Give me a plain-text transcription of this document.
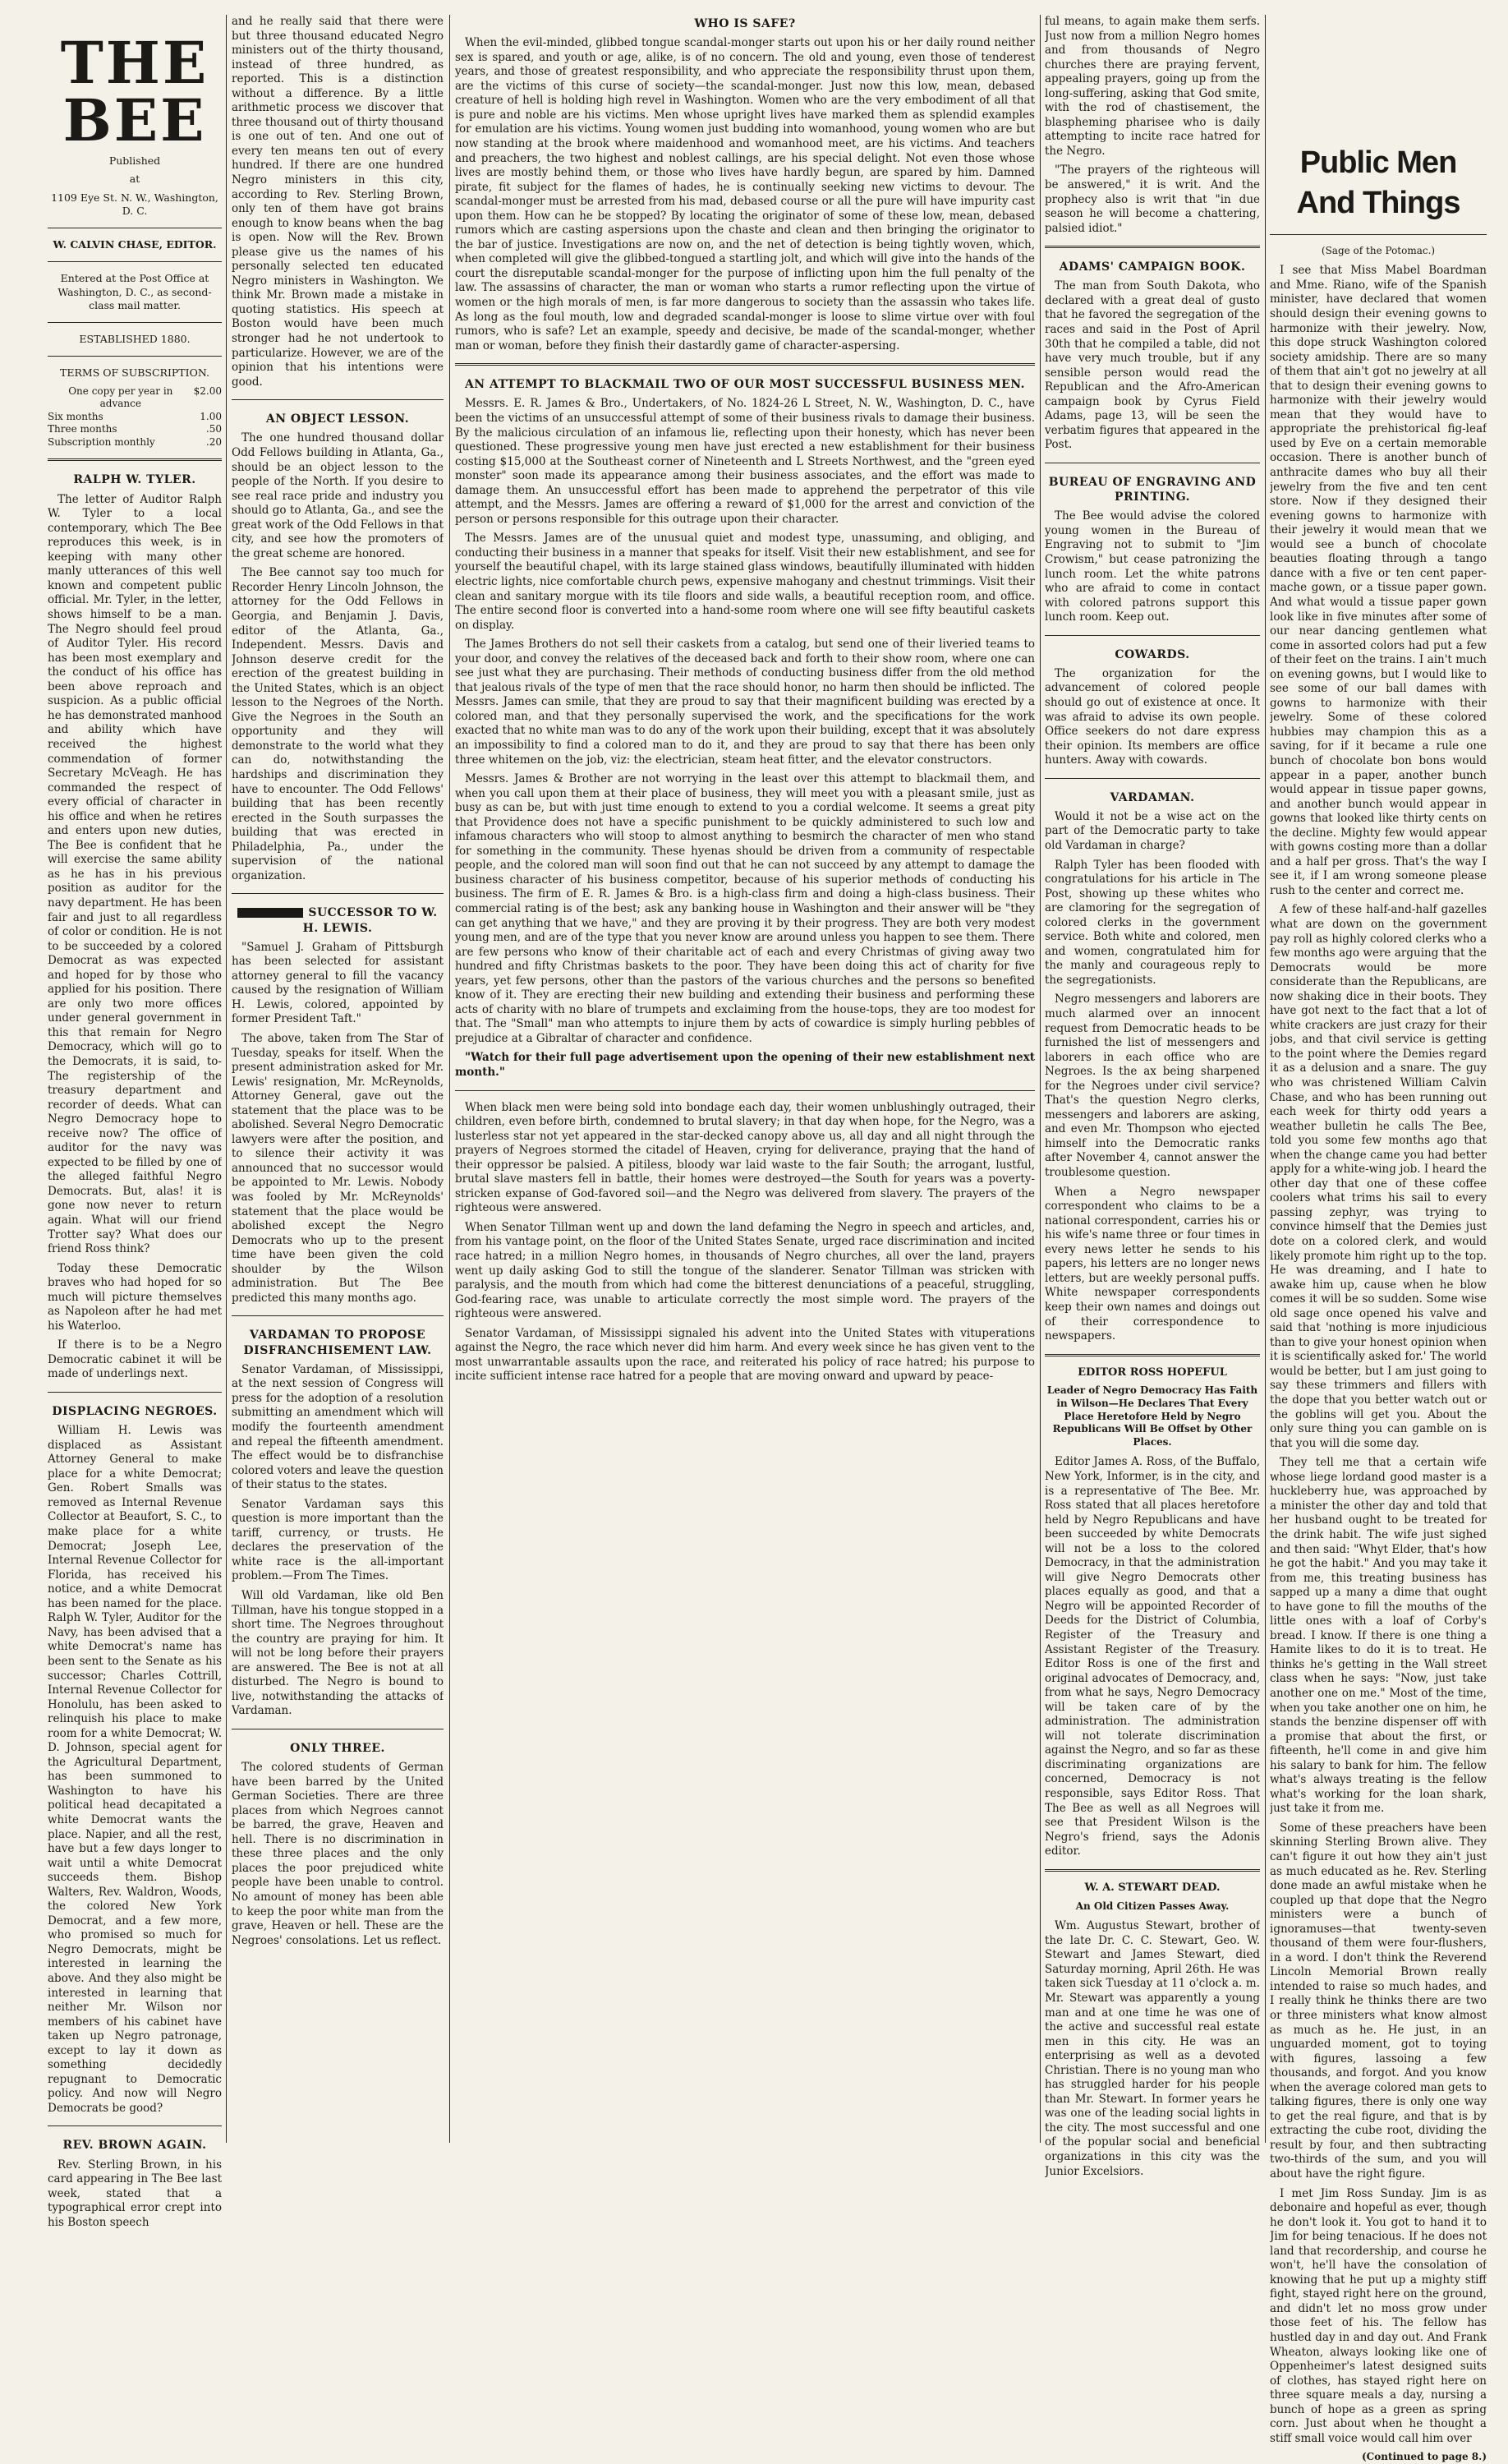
THE BEE
Published
at
1109 Eye St. N. W., Washington, D. C.
W. CALVIN CHASE, EDITOR.
Entered at the Post Office at Washington, D. C., as second-class mail matter.
ESTABLISHED 1880.
TERMS OF SUBSCRIPTION.
One copy per year in advance
$2.00
Six months	1.00
Three months	.50
Subscription monthly	.20
RALPH W. TYLER.

The letter of Auditor Ralph W. Tyler to a local contemporary, which The Bee reproduces this week, is in keeping with many other manly utterances of this well known and competent public official. Mr. Tyler, in the letter, shows himself to be a man. The Negro should feel proud of Auditor Tyler. His record has been most exemplary and the conduct of his office has been above reproach and suspicion. As a public official he has demonstrated manhood and ability which have received the highest commendation of former Secretary McVeagh. He has commanded the respect of every official of character in his office and when he retires and enters upon new duties, The Bee is confident that he will exercise the same ability as he has in his previous position as auditor for the navy department. He has been fair and just to all regardless of color or condition. He is not to be succeeded by a colored Democrat as was expected and hoped for by those who applied for his position. There are only two more offices under general government in this that remain for Negro Democracy, which will go to the Democrats, it is said, to- The registership of the treasury department and recorder of deeds. What can Negro Democracy hope to receive now? The office of auditor for the navy was expected to be filled by one of the alleged faithful Negro Democrats. But, alas! it is gone now never to return again. What will our friend Trotter say? What does our friend Ross think?

Today these Democratic braves who had hoped for so much will picture themselves as Napoleon after he had met his Waterloo.

If there is to be a Negro Democratic cabinet it will be made of underlings next.

DISPLACING NEGROES.

William H. Lewis was displaced as Assistant Attorney General to make place for a white Democrat; Gen. Robert Smalls was removed as Internal Revenue Collector at Beaufort, S. C., to make place for a white Democrat; Joseph Lee, Internal Revenue Collector for Florida, has received his notice, and a white Democrat has been named for the place. Ralph W. Tyler, Auditor for the Navy, has been advised that a white Democrat's name has been sent to the Senate as his successor; Charles Cottrill, Internal Revenue Collector for Honolulu, has been asked to relinquish his place to make room for a white Democrat; W. D. Johnson, special agent for the Agricultural Department, has been summoned to Washington to have his political head decapitated a white Democrat wants the place. Napier, and all the rest, have but a few days longer to wait until a white Democrat succeeds them. Bishop Walters, Rev. Waldron, Woods, the colored New York Democrat, and a few more, who promised so much for Negro Democrats, might be interested in learning the above. And they also might be interested in learning that neither Mr. Wilson nor members of his cabinet have taken up Negro patronage, except to lay it down as something decidedly repugnant to Democratic policy. And now will Negro Democrats be good?

REV. BROWN AGAIN.

Rev. Sterling Brown, in his card appearing in The Bee last week, stated that a typographical error crept into his Boston speech

and he really said that there were but three thousand educated Negro ministers out of the thirty thousand, instead of three hundred, as reported. This is a distinction without a difference. By a little arithmetic process we discover that three thousand out of thirty thousand is one out of ten. And one out of every ten means ten out of every hundred. If there are one hundred Negro ministers in this city, according to Rev. Sterling Brown, only ten of them have got brains enough to know beans when the bag is open. Now will the Rev. Brown please give us the names of his personally selected ten educated Negro ministers in Washington. We think Mr. Brown made a mistake in quoting statistics. His speech at Boston would have been much stronger had he not undertook to particularize. However, we are of the opinion that his intentions were good.

AN OBJECT LESSON.

The one hundred thousand dollar Odd Fellows building in Atlanta, Ga., should be an object lesson to the people of the North. If you desire to see real race pride and industry you should go to Atlanta, Ga., and see the great work of the Odd Fellows in that city, and see how the promoters of the great scheme are honored.

The Bee cannot say too much for Recorder Henry Lincoln Johnson, the attorney for the Odd Fellows in Georgia, and Benjamin J. Davis, editor of the Atlanta, Ga., Independent. Messrs. Davis and Johnson deserve credit for the erection of the greatest building in the United States, which is an object lesson to the Negroes of the North. Give the Negroes in the South an opportunity and they will demonstrate to the world what they can do, notwithstanding the hardships and discrimination they have to encounter. The Odd Fellows' building that has been recently erected in the South surpasses the building that was erected in Philadelphia, Pa., under the supervision of the national organization.

SUCCESSOR TO W. H. LEWIS.

"Samuel J. Graham of Pittsburgh has been selected for assistant attorney general to fill the vacancy caused by the resignation of William H. Lewis, colored, appointed by former President Taft."

The above, taken from The Star of Tuesday, speaks for itself. When the present administration asked for Mr. Lewis' resignation, Mr. McReynolds, Attorney General, gave out the statement that the place was to be abolished. Several Negro Democratic lawyers were after the position, and to silence their activity it was announced that no successor would be appointed to Mr. Lewis. Nobody was fooled by Mr. McReynolds' statement that the place would be abolished except the Negro Democrats who up to the present time have been given the cold shoulder by the Wilson administration. But The Bee predicted this many months ago.

VARDAMAN TO PROPOSE DISFRANCHISEMENT LAW.

Senator Vardaman, of Mississippi, at the next session of Congress will press for the adoption of a resolution submitting an amendment which will modify the fourteenth amendment and repeal the fifteenth amendment. The effect would be to disfranchise colored voters and leave the question of their status to the states.

Senator Vardaman says this question is more important than the tariff, currency, or trusts. He declares the preservation of the white race is the all-important problem.—From The Times.

Will old Vardaman, like old Ben Tillman, have his tongue stopped in a short time. The Negroes throughout the country are praying for him. It will not be long before their prayers are answered. The Bee is not at all disturbed. The Negro is bound to live, notwithstanding the attacks of Vardaman.

ONLY THREE.

The colored students of German have been barred by the United German Societies. There are three places from which Negroes cannot be barred, the grave, Heaven and hell. There is no discrimination in these three places and the only places the poor prejudiced white people have been unable to control. No amount of money has been able to keep the poor white man from the grave, Heaven or hell. These are the Negroes' consolations. Let us reflect.

WHO IS SAFE?

When the evil-minded, glibbed tongue scandal-monger starts out upon his or her daily round neither sex is spared, and youth or age, alike, is of no concern. The old and young, even those of tenderest years, and those of greatest responsibility, and who appreciate the responsibility thrust upon them, are the victims of this curse of society—the scandal-monger. Just now this low, mean, debased creature of hell is holding high revel in Washington. Women who are the very embodiment of all that is pure and noble are his victims. Men whose upright lives have marked them as splendid examples for emulation are his victims. Young women just budding into womanhood, young women who are but now standing at the brook where maidenhood and womanhood meet, are his victims. And teachers and preachers, the two highest and noblest callings, are his special delight. Not even those whose lives are mostly behind them, or those who lives have hardly begun, are spared by him. Damned pirate, fit subject for the flames of hades, he is continually seeking new victims to devour. The scandal-monger must be arrested from his mad, debased course or all the pure will have impurity cast upon them. How can he be stopped? By locating the originator of some of these low, mean, debased rumors which are casting aspersions upon the chaste and clean and then bringing the originator to the bar of justice. Investigations are now on, and the net of detection is being tightly woven, which, when completed will give the glibbed-tongued a startling jolt, and which will give into the hands of the court the disreputable scandal-monger for the purpose of inflicting upon him the full penalty of the law. The assassins of character, the man or woman who starts a rumor reflecting upon the virtue of women or the high morals of men, is far more dangerous to society than the assassin who takes life. As long as the foul mouth, low and degraded scandal-monger is loose to slime virtue over with foul rumors, who is safe? Let an example, speedy and decisive, be made of the scandal-monger, whether man or woman, before they finish their dastardly game of character-aspersing.

AN ATTEMPT TO BLACKMAIL TWO OF OUR MOST SUCCESSFUL BUSINESS MEN.

Messrs. E. R. James & Bro., Undertakers, of No. 1824-26 L Street, N. W., Washington, D. C., have been the victims of an unsuccessful attempt of some of their business rivals to damage their business. By the malicious circulation of an infamous lie, reflecting upon their honesty, which has never been questioned. These progressive young men have just erected a new establishment for their business costing $15,000 at the Southeast corner of Nineteenth and L Streets Northwest, and the "green eyed monster" soon made its appearance among their business associates, and the effort was made to damage them. An unsuccessful effort has been made to apprehend the perpetrator of this vile attempt, and the Messrs. James are offering a reward of $1,000 for the arrest and conviction of the person or persons responsible for this outrage upon their character.

The Messrs. James are of the unusual quiet and modest type, unassuming, and obliging, and conducting their business in a manner that speaks for itself. Visit their new establishment, and see for yourself the beautiful chapel, with its large stained glass windows, beautifully illuminated with hidden electric lights, nice comfortable church pews, expensive mahogany and chestnut trimmings. Visit their clean and sanitary morgue with its tile floors and side walls, a beautiful reception room, and office. The entire second floor is converted into a hand-some room where one will see fifty beautiful caskets on display.

The James Brothers do not sell their caskets from a catalog, but send one of their liveried teams to your door, and convey the relatives of the deceased back and forth to their show room, where one can see just what they are purchasing. Their methods of conducting business differ from the old method that jealous rivals of the type of men that the race should honor, no harm then should be inflicted. The Messrs. James can smile, that they are proud to say that their magnificent building was erected by a colored man, and that they personally supervised the work, and the specifications for the work exacted that no white man was to do any of the work upon their building, except that it was absolutely an impossibility to find a colored man to do it, and they are proud to say that there has been only three whitemen on the job, viz: the electrician, steam heat fitter, and the elevator constructors.

Messrs. James & Brother are not worrying in the least over this attempt to blackmail them, and when you call upon them at their place of business, they will meet you with a pleasant smile, just as busy as can be, but with just time enough to extend to you a cordial welcome. It seems a great pity that Providence does not have a specific punishment to be quickly administered to such low and infamous characters who will stoop to almost anything to besmirch the character of men who stand for something in the community. These hyenas should be driven from a community of respectable people, and the colored man will soon find out that he can not succeed by any attempt to damage the business character of his business competitor, because of his superior methods of conducting his business. The firm of E. R. James & Bro. is a high-class firm and doing a high-class business. Their commercial rating is of the best; ask any banking house in Washington and their answer will be "they can get anything that we have," and they are proving it by their progress. They are both very modest young men, and are of the type that you never know are around unless you happen to see them. There are few persons who know of their charitable act of each and every Christmas of giving away two hundred and fifty Christmas baskets to the poor. They have been doing this act of charity for five years, yet few persons, other than the pastors of the various churches and the persons so benefited know of it. They are erecting their new building and extending their business and performing these acts of charity with no blare of trumpets and exclaiming from the house-tops, they are too modest for that. The "Small" man who attempts to injure them by acts of cowardice is simply hurling pebbles of prejudice at a Gibraltar of character and confidence.

"Watch for their full page advertisement upon the opening of their new establishment next month."

When black men were being sold into bondage each day, their women unblushingly outraged, their children, even before birth, condemned to brutal slavery; in that day when hope, for the Negro, was a lusterless star not yet appeared in the star-decked canopy above us, all day and all night through the prayers of Negroes stormed the citadel of Heaven, crying for deliverance, praying that the hand of their oppressor be palsied. A pitiless, bloody war laid waste to the fair South; the arrogant, lustful, brutal slave masters fell in battle, their homes were destroyed—the South for years was a poverty-stricken expanse of God-favored soil—and the Negro was delivered from slavery. The prayers of the righteous were answered.

When Senator Tillman went up and down the land defaming the Negro in speech and articles, and, from his vantage point, on the floor of the United States Senate, urged race discrimination and incited race hatred; in a million Negro homes, in thousands of Negro churches, all over the land, prayers went up daily asking God to still the tongue of the slanderer. Senator Tillman was stricken with paralysis, and the mouth from which had come the bitterest denunciations of a peaceful, struggling, God-fearing race, was unable to articulate correctly the most simple word. The prayers of the righteous were answered.

Senator Vardaman, of Mississippi signaled his advent into the United States with vituperations against the Negro, the race which never did him harm. And every week since he has given vent to the most unwarrantable assaults upon the race, and reiterated his policy of race hatred; his purpose to incite sufficient intense race hatred for a people that are moving onward and upward by peace-

ful means, to again make them serfs. Just now from a million Negro homes and from thousands of Negro churches there are praying fervent, appealing prayers, going up from the long-suffering, asking that God smite, with the rod of chastisement, the blaspheming pharisee who is daily attempting to incite race hatred for the Negro.

"The prayers of the righteous will be answered," it is writ. And the prophecy also is writ that "in due season he will become a chattering, palsied idiot."

ADAMS' CAMPAIGN BOOK.

The man from South Dakota, who declared with a great deal of gusto that he favored the segregation of the races and said in the Post of April 30th that he compiled a table, did not have very much trouble, but if any sensible person would read the Republican and the Afro-American campaign book by Cyrus Field Adams, page 13, will be seen the verbatim figures that appeared in the Post.

BUREAU OF ENGRAVING AND PRINTING.

The Bee would advise the colored young women in the Bureau of Engraving not to submit to "Jim Crowism," but cease patronizing the lunch room. Let the white patrons who are afraid to come in contact with colored patrons support this lunch room. Keep out.

COWARDS.

The organization for the advancement of colored people should go out of existence at once. It was afraid to advise its own people. Office seekers do not dare express their opinion. Its members are office hunters. Away with cowards.

VARDAMAN.

Would it not be a wise act on the part of the Democratic party to take old Vardaman in charge?

Ralph Tyler has been flooded with congratulations for his article in The Post, showing up these whites who are clamoring for the segregation of colored clerks in the government service. Both white and colored, men and women, congratulated him for the manly and courageous reply to the segregationists.

Negro messengers and laborers are much alarmed over an innocent request from Democratic heads to be furnished the list of messengers and laborers in each office who are Negroes. Is the ax being sharpened for the Negroes under civil service? That's the question Negro clerks, messengers and laborers are asking, and even Mr. Thompson who ejected himself into the Democratic ranks after November 4, cannot answer the troublesome question.

When a Negro newspaper correspondent who claims to be a national correspondent, carries his or his wife's name three or four times in every news letter he sends to his papers, his letters are no longer news letters, but are weekly personal puffs. White newspaper correspondents keep their own names and doings out of their correspondence to newspapers.

EDITOR ROSS HOPEFUL
Leader of Negro Democracy Has Faith in Wilson—He Declares That Every Place Heretofore Held by Negro Republicans Will Be Offset by Other Places.

Editor James A. Ross, of the Buffalo, New York, Informer, is in the city, and is a representative of The Bee. Mr. Ross stated that all places heretofore held by Negro Republicans and have been succeeded by white Democrats will not be a loss to the colored Democracy, in that the administration will give Negro Democrats other places equally as good, and that a Negro will be appointed Recorder of Deeds for the District of Columbia, Register of the Treasury and Assistant Register of the Treasury. Editor Ross is one of the first and original advocates of Democracy, and, from what he says, Negro Democracy will be taken care of by the administration. The administration will not tolerate discrimination against the Negro, and so far as these discriminating organizations are concerned, Democracy is not responsible, says Editor Ross. That The Bee as well as all Negroes will see that President Wilson is the Negro's friend, says the Adonis editor.

W. A. STEWART DEAD.
An Old Citizen Passes Away.

Wm. Augustus Stewart, brother of the late Dr. C. C. Stewart, Geo. W. Stewart and James Stewart, died Saturday morning, April 26th. He was taken sick Tuesday at 11 o'clock a. m. Mr. Stewart was apparently a young man and at one time he was one of the active and successful real estate men in this city. He was an enterprising as well as a devoted Christian. There is no young man who has struggled harder for his people than Mr. Stewart. In former years he was one of the leading social lights in the city. The most successful and one of the popular social and beneficial organizations in this city was the Junior Excelsiors.

Public Men And Things
(Sage of the Potomac.)

I see that Miss Mabel Boardman and Mme. Riano, wife of the Spanish minister, have declared that women should design their evening gowns to harmonize with their jewelry. Now, this dope struck Washington colored society amidship. There are so many of them that ain't got no jewelry at all that to design their evening gowns to harmonize with their jewelry would mean that they would have to appropriate the prehistorical fig-leaf used by Eve on a certain memorable occasion. There is another bunch of anthracite dames who buy all their jewelry from the five and ten cent store. Now if they designed their evening gowns to harmonize with their jewelry it would mean that we would see a bunch of chocolate beauties floating through a tango dance with a five or ten cent paper-mache gown, or a tissue paper gown. And what would a tissue paper gown look like in five minutes after some of our near dancing gentlemen what come in assorted colors had put a few of their feet on the trains. I ain't much on evening gowns, but I would like to see some of our ball dames with gowns to harmonize with their jewelry. Some of these colored hubbies may champion this as a saving, for if it became a rule one bunch of chocolate bon bons would appear in a paper, another bunch would appear in tissue paper gowns, and another bunch would appear in gowns that looked like thirty cents on the decline. Mighty few would appear with gowns costing more than a dollar and a half per gross. That's the way I see it, if I am wrong someone please rush to the center and correct me.

A few of these half-and-half gazelles what are down on the government pay roll as highly colored clerks who a few months ago were arguing that the Democrats would be more considerate than the Republicans, are now shaking dice in their boots. They have got next to the fact that a lot of white crackers are just crazy for their jobs, and that civil service is getting to the point where the Demies regard it as a delusion and a snare. The guy who was christened William Calvin Chase, and who has been running out each week for thirty odd years a weather bulletin he calls The Bee, told you some few months ago that when the change came you had better apply for a white-wing job. I heard the other day that one of these coffee coolers what trims his sail to every passing zephyr, was trying to convince himself that the Demies just dote on a colored clerk, and would likely promote him right up to the top. He was dreaming, and I hate to awake him up, cause when he blow comes it will be so sudden. Some wise old sage once opened his valve and said that 'nothing is more injudicious than to give your honest opinion when it is scientifically asked for.' The world would be better, but I am just going to say these trimmers and fillers with the dope that you better watch out or the goblins will get you. About the only sure thing you can gamble on is that you will die some day.

They tell me that a certain wife whose liege lordand good master is a huckleberry hue, was approached by a minister the other day and told that her husband ought to be treated for the drink habit. The wife just sighed and then said: "Whyt Elder, that's how he got the habit." And you may take it from me, this treating business has sapped up a many a dime that ought to have gone to fill the mouths of the little ones with a loaf of Corby's bread. I know. If there is one thing a Hamite likes to do it is to treat. He thinks he's getting in the Wall street class when he says: "Now, just take another one on me." Most of the time, when you take another one on him, he stands the benzine dispenser off with a promise that about the first, or fifteenth, he'll come in and give him his salary to bank for him. The fellow what's always treating is the fellow what's working for the loan shark, just take it from me.

Some of these preachers have been skinning Sterling Brown alive. They can't figure it out how they ain't just as much educated as he. Rev. Sterling done made an awful mistake when he coupled up that dope that the Negro ministers were a bunch of ignoramuses—that twenty-seven thousand of them were four-flushers, in a word. I don't think the Reverend Lincoln Memorial Brown really intended to raise so much hades, and I really think he thinks there are two or three ministers what know almost as much as he. He just, in an unguarded moment, got to toying with figures, lassoing a few thousands, and forgot. And you know when the average colored man gets to talking figures, there is only one way to get the real figure, and that is by extracting the cube root, dividing the result by four, and then subtracting two-thirds of the sum, and you will about have the right figure.

I met Jim Ross Sunday. Jim is as debonaire and hopeful as ever, though he don't look it. You got to hand it to Jim for being tenacious. If he does not land that recordership, and course he won't, he'll have the consolation of knowing that he put up a mighty stiff fight, stayed right here on the ground, and didn't let no moss grow under those feet of his. The fellow has hustled day in and day out. And Frank Wheaton, always looking like one of Oppenheimer's latest designed suits of clothes, has stayed right here on three square meals a day, nursing a bunch of hope as a green as spring corn. Just about when he thought a stiff small voice would call him over

(Continued to page 8.)
